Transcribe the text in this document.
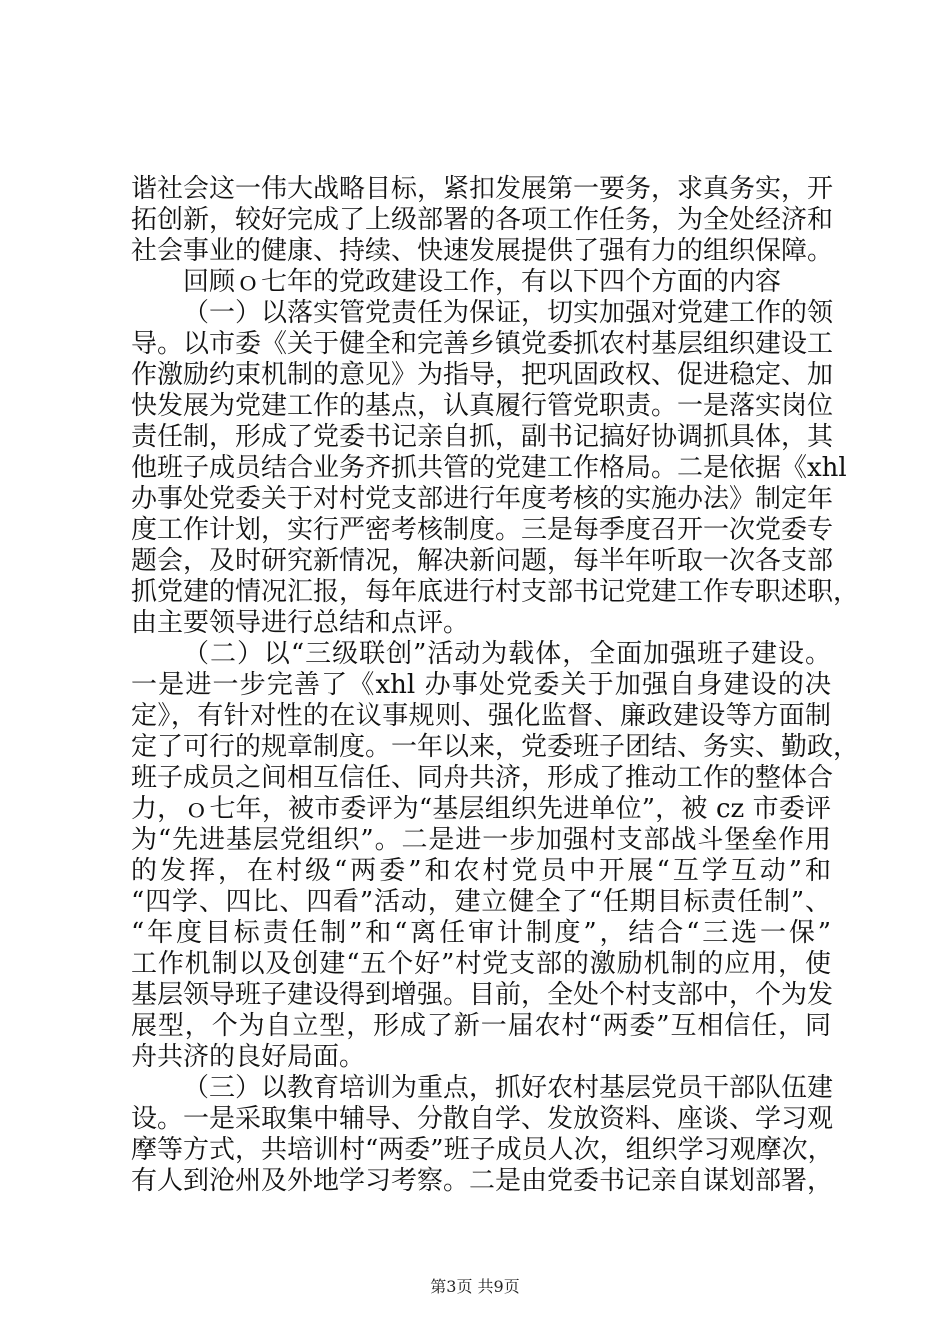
谐社会这一伟大战略目标，紧扣发展第一要务，求真务实，开
拓创新，较好完成了上级部署的各项工作任务，为全处经济和
社会事业的健康、持续、快速发展提供了强有力的组织保障。
回顾ｏ七年的党政建设工作，有以下四个方面的内容
（一）以落实管党责任为保证，切实加强对党建工作的领
导。以市委《关于健全和完善乡镇党委抓农村基层组织建设工
作激励约束机制的意见》为指导，把巩固政权、促进稳定、加
快发展为党建工作的基点，认真履行管党职责。一是落实岗位
责任制，形成了党委书记亲自抓，副书记搞好协调抓具体，其
他班子成员结合业务齐抓共管的党建工作格局。二是依据《xhl
办事处党委关于对村党支部进行年度考核的实施办法》制定年
度工作计划，实行严密考核制度。三是每季度召开一次党委专
题会，及时研究新情况，解决新问题，每半年听取一次各支部
抓党建的情况汇报，每年底进行村支部书记党建工作专职述职，
由主要领导进行总结和点评。
（二）以“三级联创”活动为载体，全面加强班子建设。
一是进一步完善了《xhl 办事处党委关于加强自身建设的决
定》，有针对性的在议事规则、强化监督、廉政建设等方面制
定了可行的规章制度。一年以来，党委班子团结、务实、勤政，
班子成员之间相互信任、同舟共济，形成了推动工作的整体合
力，ｏ七年，被市委评为“基层组织先进单位”，被 cz 市委评
为“先进基层党组织”。二是进一步加强村支部战斗堡垒作用
的发挥，在村级“两委”和农村党员中开展“互学互动”和
“四学、四比、四看”活动，建立健全了“任期目标责任制”、
“年度目标责任制”和“离任审计制度”，结合“三选一保”
工作机制以及创建“五个好”村党支部的激励机制的应用，使
基层领导班子建设得到增强。目前，全处个村支部中，个为发
展型，个为自立型，形成了新一届农村“两委”互相信任，同
舟共济的良好局面。
（三）以教育培训为重点，抓好农村基层党员干部队伍建
设。一是采取集中辅导、分散自学、发放资料、座谈、学习观
摩等方式，共培训村“两委”班子成员人次，组织学习观摩次，
有人到沧州及外地学习考察。二是由党委书记亲自谋划部署，
第3页 共9页
